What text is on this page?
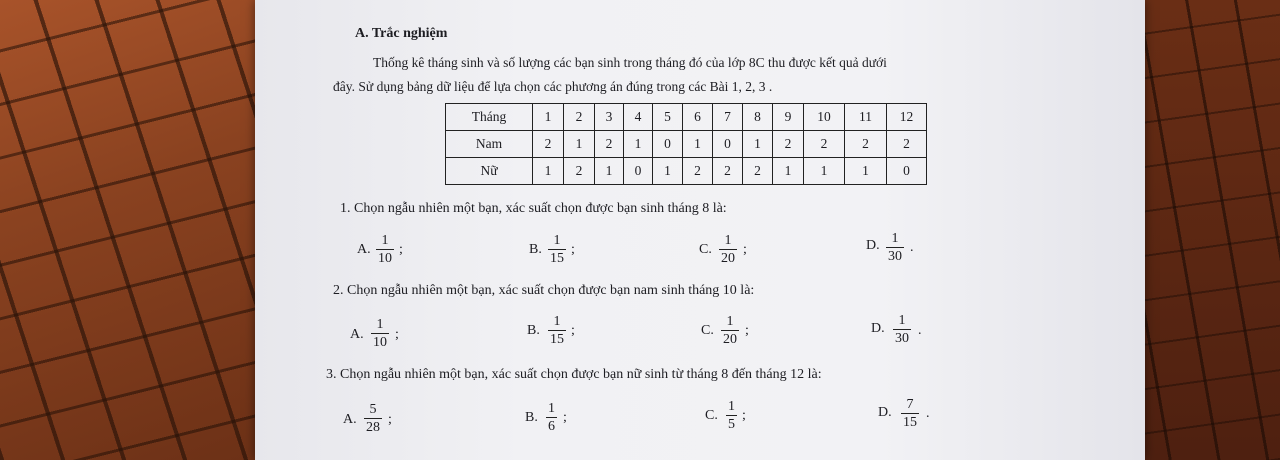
A. Trắc nghiệm
Thống kê tháng sinh và số lượng các bạn sinh trong tháng đó của lớp 8C thu được kết quả dưới
đây. Sử dụng bảng dữ liệu để lựa chọn các phương án đúng trong các Bài 1, 2, 3 .
Tháng	1	2	3	4	5	6	7	8	9	10	11	12
Nam	2	1	2	1	0	1	0	1	2	2	2	2
Nữ	1	2	1	0	1	2	2	2	1	1	1	0
1. Chọn ngẫu nhiên một bạn, xác suất chọn được bạn sinh tháng 8 là:
A. $\frac{1}{10}$ ;	B. $\frac{1}{15}$ ;	C. $\frac{1}{20}$ ;	D. $\frac{1}{30}$ .
2. Chọn ngẫu nhiên một bạn, xác suất chọn được bạn nam sinh tháng 10 là:
A. $\frac{1}{10}$ ;	B. $\frac{1}{15}$ ;	C. $\frac{1}{20}$ ;	D. $\frac{1}{30}$ .
3. Chọn ngẫu nhiên một bạn, xác suất chọn được bạn nữ sinh từ tháng 8 đến tháng 12 là:
A. $\frac{5}{28}$ ;	B. $\frac{1}{6}$ ;	C. $\frac{1}{5}$ ;	D. $\frac{7}{15}$ .
